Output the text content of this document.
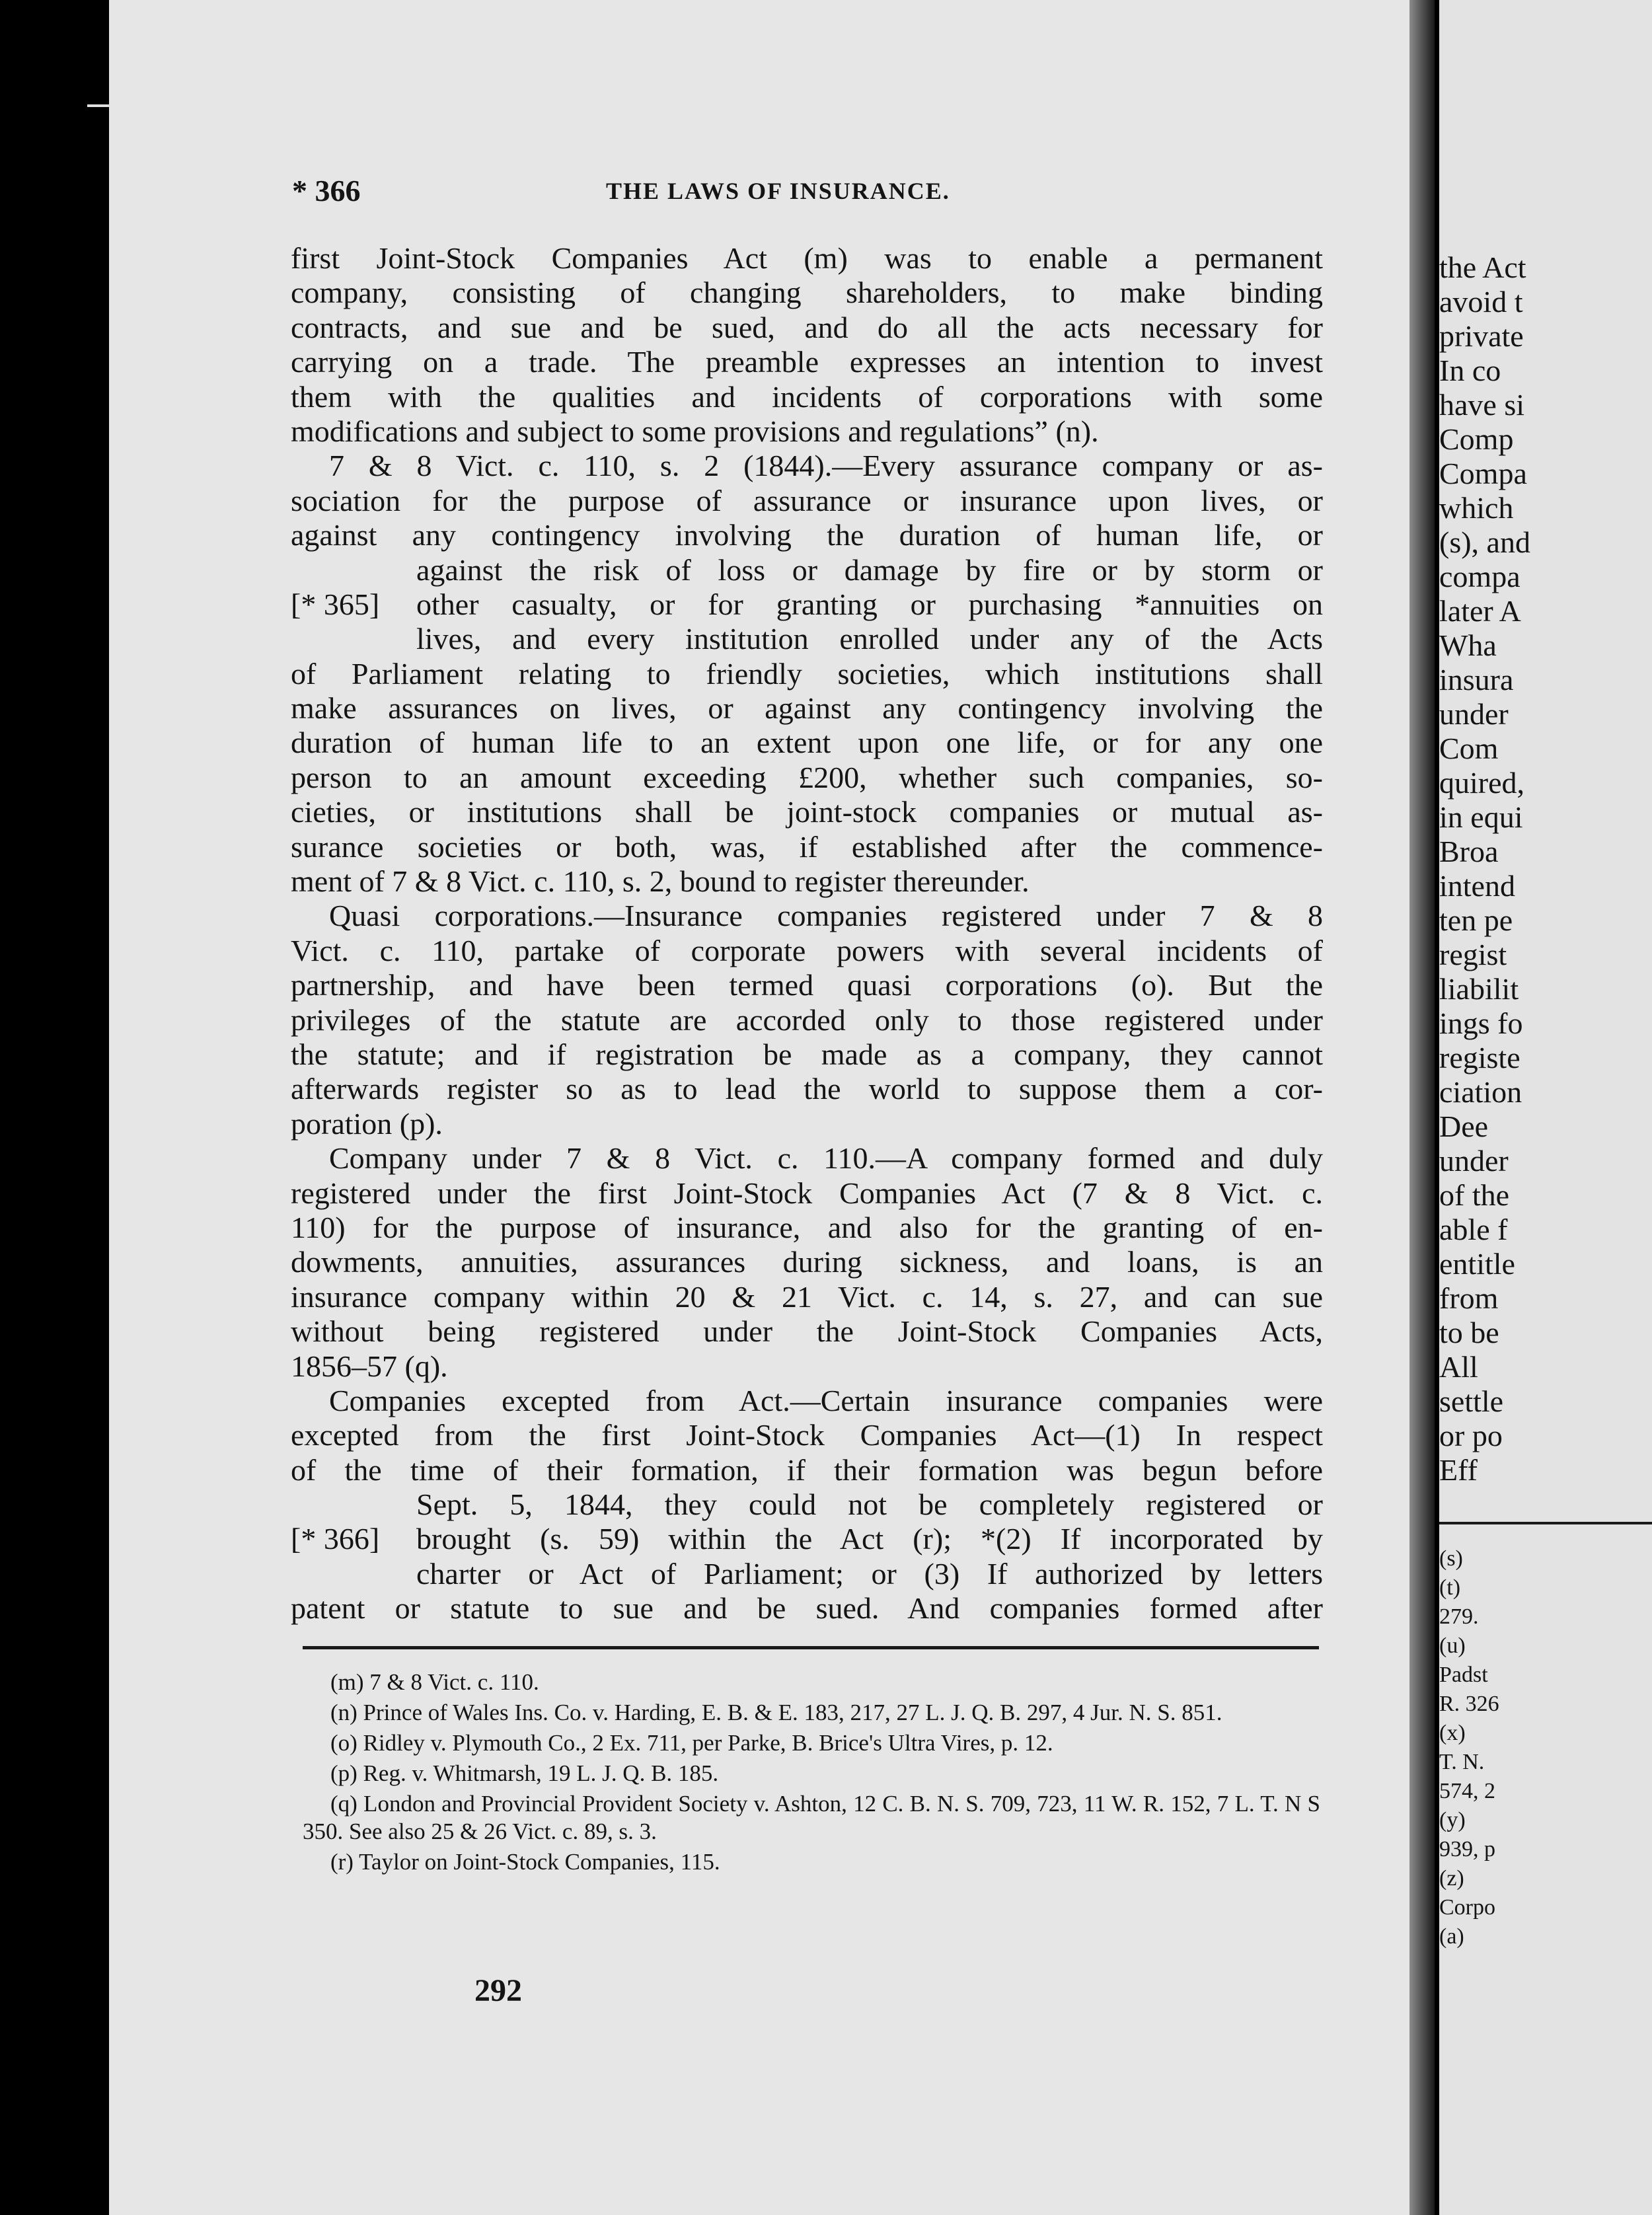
* 366	THE LAWS OF INSURANCE.
first Joint-Stock Companies Act (m) was to enable a permanent
company, consisting of changing shareholders, to make binding
contracts, and sue and be sued, and do all the acts necessary for
carrying on a trade. The preamble expresses an intention to invest
them with the qualities and incidents of corporations with some
modifications and subject to some provisions and regulations” (n).
7 & 8 Vict. c. 110, s. 2 (1844).—Every assurance company or as-
sociation for the purpose of assurance or insurance upon lives, or
against any contingency involving the duration of human life, or
against the risk of loss or damage by fire or by storm or
[* 365] other casualty, or for granting or purchasing *annuities on
lives, and every institution enrolled under any of the Acts
of Parliament relating to friendly societies, which institutions shall
make assurances on lives, or against any contingency involving the
duration of human life to an extent upon one life, or for any one
person to an amount exceeding £200, whether such companies, so-
cieties, or institutions shall be joint-stock companies or mutual as-
surance societies or both, was, if established after the commence-
ment of 7 & 8 Vict. c. 110, s. 2, bound to register thereunder.
Quasi corporations.—Insurance companies registered under 7 & 8
Vict. c. 110, partake of corporate powers with several incidents of
partnership, and have been termed quasi corporations (o). But the
privileges of the statute are accorded only to those registered under
the statute; and if registration be made as a company, they cannot
afterwards register so as to lead the world to suppose them a cor-
poration (p).
Company under 7 & 8 Vict. c. 110.—A company formed and duly
registered under the first Joint-Stock Companies Act (7 & 8 Vict. c.
110) for the purpose of insurance, and also for the granting of en-
dowments, annuities, assurances during sickness, and loans, is an
insurance company within 20 & 21 Vict. c. 14, s. 27, and can sue
without being registered under the Joint-Stock Companies Acts,
1856–57 (q).
Companies excepted from Act.—Certain insurance companies were
excepted from the first Joint-Stock Companies Act—(1) In respect
of the time of their formation, if their formation was begun before
Sept. 5, 1844, they could not be completely registered or
[* 366] brought (s. 59) within the Act (r); *(2) If incorporated by
charter or Act of Parliament; or (3) If authorized by letters
patent or statute to sue and be sued. And companies formed after

(m) 7 & 8 Vict. c. 110.

(n) Prince of Wales Ins. Co. v. Harding, E. B. & E. 183, 217, 27 L. J. Q. B. 297, 4 Jur. N. S. 851.

(o) Ridley v. Plymouth Co., 2 Ex. 711, per Parke, B. Brice's Ultra Vires, p. 12.

(p) Reg. v. Whitmarsh, 19 L. J. Q. B. 185.

(q) London and Provincial Provident Society v. Ashton, 12 C. B. N. S. 709, 723, 11 W. R. 152, 7 L. T. N S 350. See also 25 & 26 Vict. c. 89, s. 3.

(r) Taylor on Joint-Stock Companies, 115.

292
the Act
avoid t
private
In co
have si
Comp
Compa
which
(s), and
compa
later A
Wha
insura
under
Com
quired,
in equi
Broa
intend
ten pe
regist
liabilit
ings fo
registe
ciation
Dee
under
of the
able f
entitle
from
to be
All
settle
or po
Eff
(s)
(t)
279.
(u)
Padst
R. 326
(x)
T. N.
574, 2
(y)
939, p
(z)
Corpo
(a)
